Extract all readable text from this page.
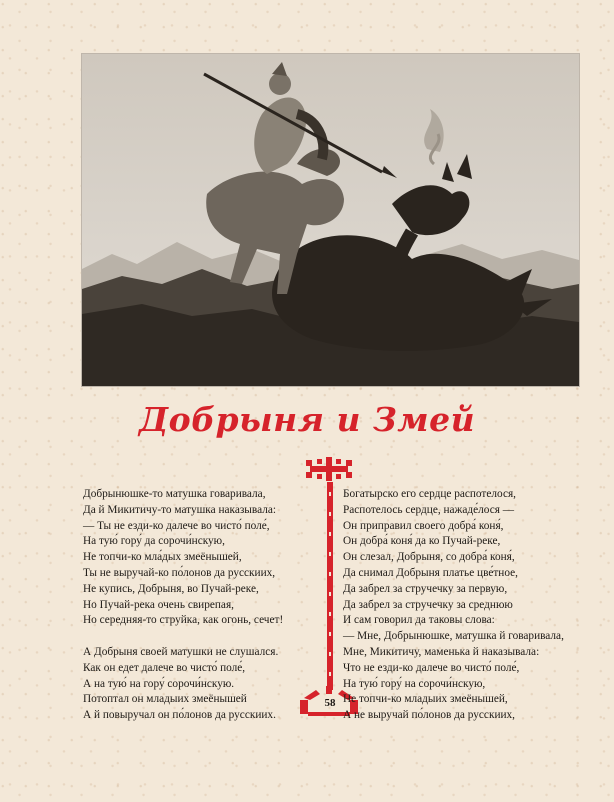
Добрыня и Змей
58

Добрынюшке-то матушка говаривала,
Да й Микитичу-то матушка наказывала:
— Ты не езди-ко далече во чисто́ поле́,
На тую́ гору́ да сорочи́нскую,
Не топчи-ко мла́дых змеёнышей,
Ты не выручай-ко по́лонов да русскиих,
Не купись, Добрыня, во Пучай-реке,
Но Пучай-река очень свирепая,
Но середняя-то струйка, как огонь, сечет!

А Добрыня своей матушки не слушался.
Как он едет далече во чисто́ поле́,
А на тую́ на гору́ сорочи́нскую.
Потоптал он младыих змеёнышей
А й повыручал он по́лонов да русскиих.

Богатырско его сердце распотелося,
Распотелось сердце, нажаде́лося —
Он приправил своего добра́ коня́,
Он добра́ коня́ да ко Пучай-реке,
Он слезал, Добрыня, со добра́ коня́,
Да снимал Добрыня платье цве́тное,
Да забрел за стручечку за первую,
Да забрел за стручечку за среднюю
И сам говорил да таковы слова:
— Мне, Добрынюшке, матушка й говаривала,
Мне, Микитичу, маменька й наказывала:
Что не езди-ко далече во чисто́ поле́,
На тую́ гору́ на сорочи́нскую,
Не топчи-ко младыих змеёнышей,
А не выручай по́лонов да русскиих,
